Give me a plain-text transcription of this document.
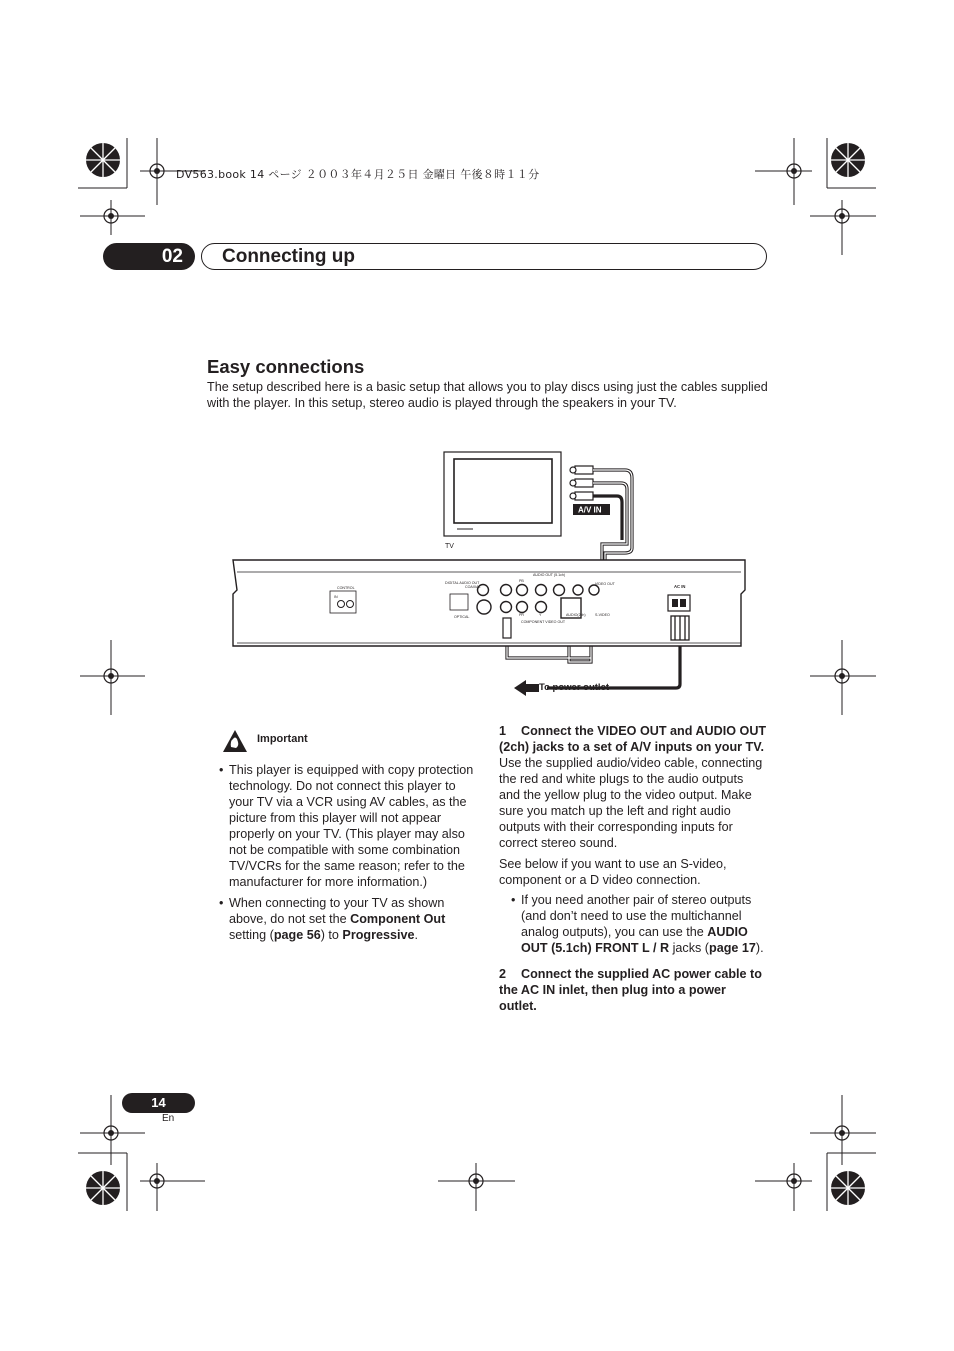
DV563.book 14 ページ ２００３年４月２５日 金曜日 午後８時１１分
02	Connecting up
Easy connections
The setup described here is a basic setup that allows you to play discs using just the cables supplied with the player. In this setup, stereo audio is played through the speakers in your TV.
TV
A/V IN
CONTROL
IN
DIGITAL AUDIO OUT
COAXIAL
OPTICAL
AUDIO OUT (5.1ch)
COMPONENT VIDEO OUT
VIDEO OUT
AUDIO(2ch)
AC IN
PB
PR	Y	S-VIDEO
To power outlet
Important
• This player is equipped with copy protection technology. Do not connect this player to your TV via a VCR using AV cables, as the picture from this player will not appear properly on your TV. (This player may also not be compatible with some combination TV/VCRs for the same reason; refer to the manufacturer for more information.)
• When connecting to your TV as shown above, do not set the Component Out setting (page 56) to Progressive.
1 Connect the VIDEO OUT and AUDIO OUT (2ch) jacks to a set of A/V inputs on your TV.
Use the supplied audio/video cable, connecting the red and white plugs to the audio outputs and the yellow plug to the video output. Make sure you match up the left and right audio outputs with their corresponding inputs for correct stereo sound.
See below if you want to use an S-video, component or a D video connection.
• If you need another pair of stereo outputs (and don’t need to use the multichannel analog outputs), you can use the AUDIO OUT (5.1ch) FRONT L / R jacks (page 17).
2 Connect the supplied AC power cable to the AC IN inlet, then plug into a power outlet.
14
En
